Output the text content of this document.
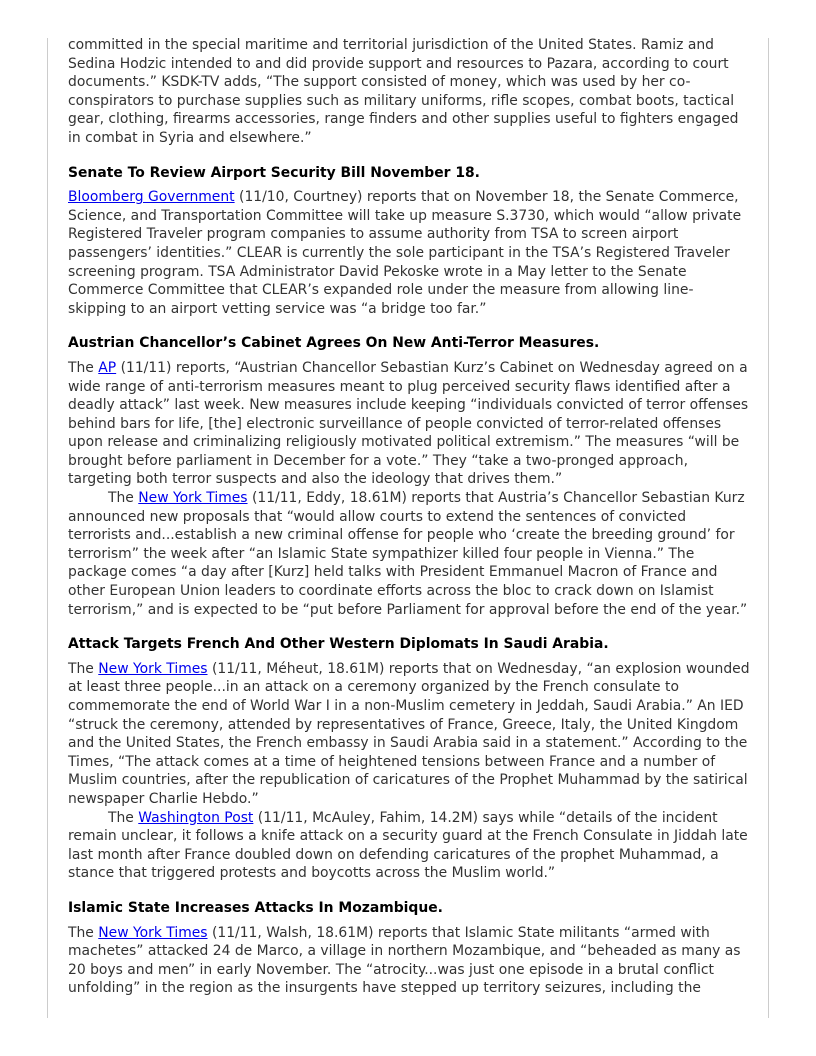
committed in the special maritime and territorial jurisdiction of the United States. Ramiz and Sedina Hodzic intended to and did provide support and resources to Pazara, according to court documents.” KSDK-TV adds, “The support consisted of money, which was used by her co-conspirators to purchase supplies such as military uniforms, rifle scopes, combat boots, tactical gear, clothing, firearms accessories, range finders and other supplies useful to fighters engaged in combat in Syria and elsewhere.”

Senate To Review Airport Security Bill November 18.

Bloomberg Government (11/10, Courtney) reports that on November 18, the Senate Commerce, Science, and Transportation Committee will take up measure S.3730, which would “allow private Registered Traveler program companies to assume authority from TSA to screen airport passengers’ identities.” CLEAR is currently the sole participant in the TSA’s Registered Traveler screening program. TSA Administrator David Pekoske wrote in a May letter to the Senate Commerce Committee that CLEAR’s expanded role under the measure from allowing line-skipping to an airport vetting service was “a bridge too far.”

Austrian Chancellor’s Cabinet Agrees On New Anti-Terror Measures.

The AP (11/11) reports, “Austrian Chancellor Sebastian Kurz’s Cabinet on Wednesday agreed on a wide range of anti-terrorism measures meant to plug perceived security flaws identified after a deadly attack” last week. New measures include keeping “individuals convicted of terror offenses behind bars for life, [the] electronic surveillance of people convicted of terror-related offenses upon release and criminalizing religiously motivated political extremism.” The measures “will be brought before parliament in December for a vote.” They “take a two-pronged approach, targeting both terror suspects and also the ideology that drives them.”

The New York Times (11/11, Eddy, 18.61M) reports that Austria’s Chancellor Sebastian Kurz announced new proposals that “would allow courts to extend the sentences of convicted terrorists and...establish a new criminal offense for people who ‘create the breeding ground’ for terrorism” the week after “an Islamic State sympathizer killed four people in Vienna.” The package comes “a day after [Kurz] held talks with President Emmanuel Macron of France and other European Union leaders to coordinate efforts across the bloc to crack down on Islamist terrorism,” and is expected to be “put before Parliament for approval before the end of the year.”

Attack Targets French And Other Western Diplomats In Saudi Arabia.

The New York Times (11/11, Méheut, 18.61M) reports that on Wednesday, “an explosion wounded at least three people...in an attack on a ceremony organized by the French consulate to commemorate the end of World War I in a non-Muslim cemetery in Jeddah, Saudi Arabia.” An IED “struck the ceremony, attended by representatives of France, Greece, Italy, the United Kingdom and the United States, the French embassy in Saudi Arabia said in a statement.” According to the Times, “The attack comes at a time of heightened tensions between France and a number of Muslim countries, after the republication of caricatures of the Prophet Muhammad by the satirical newspaper Charlie Hebdo.”

The Washington Post (11/11, McAuley, Fahim, 14.2M) says while “details of the incident remain unclear, it follows a knife attack on a security guard at the French Consulate in Jiddah late last month after France doubled down on defending caricatures of the prophet Muhammad, a stance that triggered protests and boycotts across the Muslim world.”

Islamic State Increases Attacks In Mozambique.

The New York Times (11/11, Walsh, 18.61M) reports that Islamic State militants “armed with machetes” attacked 24 de Marco, a village in northern Mozambique, and “beheaded as many as 20 boys and men” in early November. The “atrocity...was just one episode in a brutal conflict unfolding” in the region as the insurgents have stepped up territory seizures, including the
